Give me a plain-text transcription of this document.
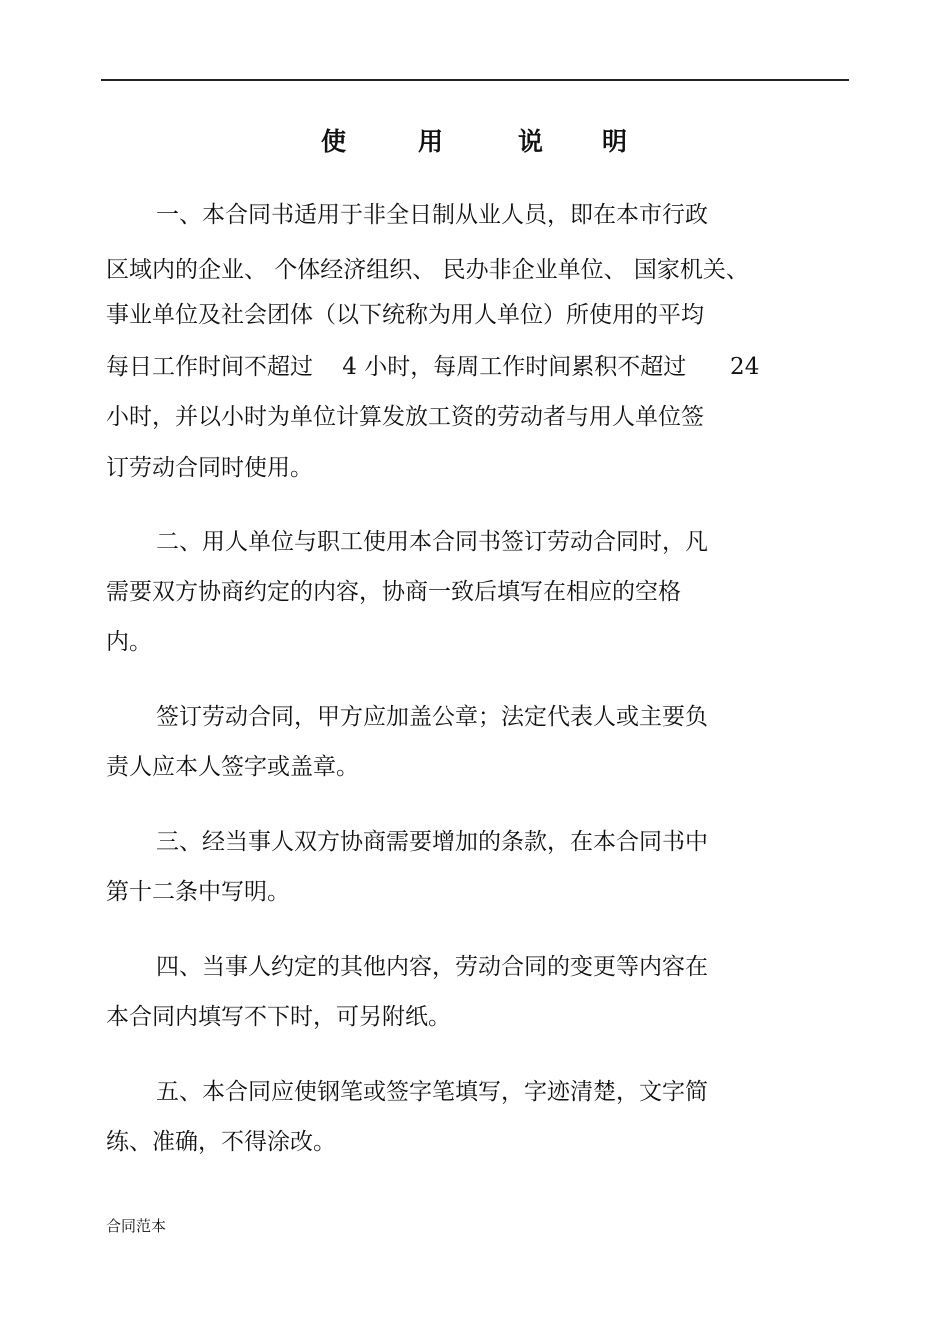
使	用	说 明
一、本合同书适用于非全日制从业人员，即在本市行政
区域内的企业、 个体经济组织、 民办非企业单位、 国家机关、
事业单位及社会团体（以下统称为用人单位）所使用的平均
每日工作时间不超过    4 小时，每周工作时间累积不超过      24
小时，并以小时为单位计算发放工资的劳动者与用人单位签
订劳动合同时使用。
二、用人单位与职工使用本合同书签订劳动合同时，凡
需要双方协商约定的内容，协商一致后填写在相应的空格
内。
签订劳动合同，甲方应加盖公章；法定代表人或主要负
责人应本人签字或盖章。
三、经当事人双方协商需要增加的条款，在本合同书中
第十二条中写明。
四、当事人约定的其他内容，劳动合同的变更等内容在
本合同内填写不下时，可另附纸。
五、本合同应使钢笔或签字笔填写，字迹清楚，文字简
练、准确，不得涂改。
合同范本
